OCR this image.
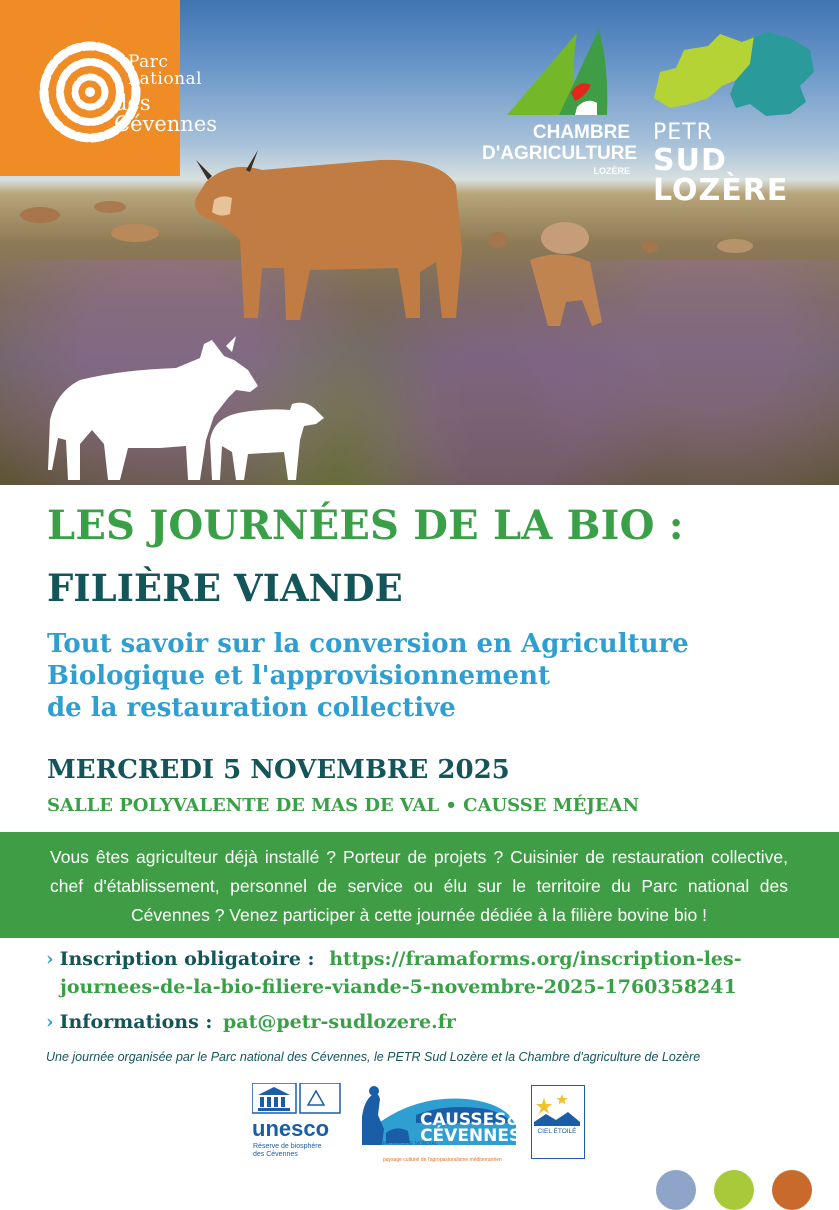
Parc national
des Cévennes	CHAMBRE
D'AGRICULTURE
LOZÈRE
PETR
SUD LOZÈRE
LES JOURNÉES DE LA BIO :
FILIÈRE VIANDE
Tout savoir sur la conversion en Agriculture
Biologique et l'approvisionnement
de la restauration collective
MERCREDI 5 NOVEMBRE 2025
SALLE POLYVALENTE DE MAS DE VAL • CAUSSE MÉJEAN
Vous êtes agriculteur déjà installé ? Porteur de projets ? Cuisinier de restauration collective, chef d'établissement, personnel de service ou élu sur le territoire du Parc national des Cévennes ? Venez participer à cette journée dédiée à la filière bovine bio !
› Inscription obligatoire : https://framaforms.org/inscription-les-
journees-de-la-bio-filiere-viande-5-novembre-2025-1760358241
› Informations : pat@petr-sudlozere.fr
Une journée organisée par le Parc national des Cévennes, le PETR Sud Lozère et la Chambre d'agriculture de Lozère
unesco
Réserve de biosphère
des Cévennes
CAUSSES&
CÉVENNES
PATRIMOINE MONDIAL
paysage culturel de l'agropastoralisme méditerranéen
CIEL ÉTOILÉ
